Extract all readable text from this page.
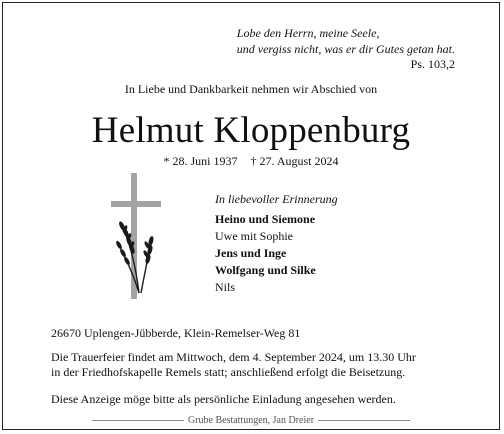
Lobe den Herrn, meine Seele,
und vergiss nicht, was er dir Gutes getan hat.
Ps. 103,2
In Liebe und Dankbarkeit nehmen wir Abschied von
Helmut Kloppenburg
* 28. Juni 1937 † 27. August 2024
In liebevoller Erinnerung
Heino und Siemone
Uwe mit Sophie
Jens und Inge
Wolfgang und Silke
Nils
26670 Uplengen-Jübberde, Klein-Remelser-Weg 81
Die Trauerfeier findet am Mittwoch, dem 4. September 2024, um 13.30 Uhr
in der Friedhofskapelle Remels statt; anschließend erfolgt die Beisetzung.
Diese Anzeige möge bitte als persönliche Einladung angesehen werden.
Grube Bestattungen, Jan Dreier
